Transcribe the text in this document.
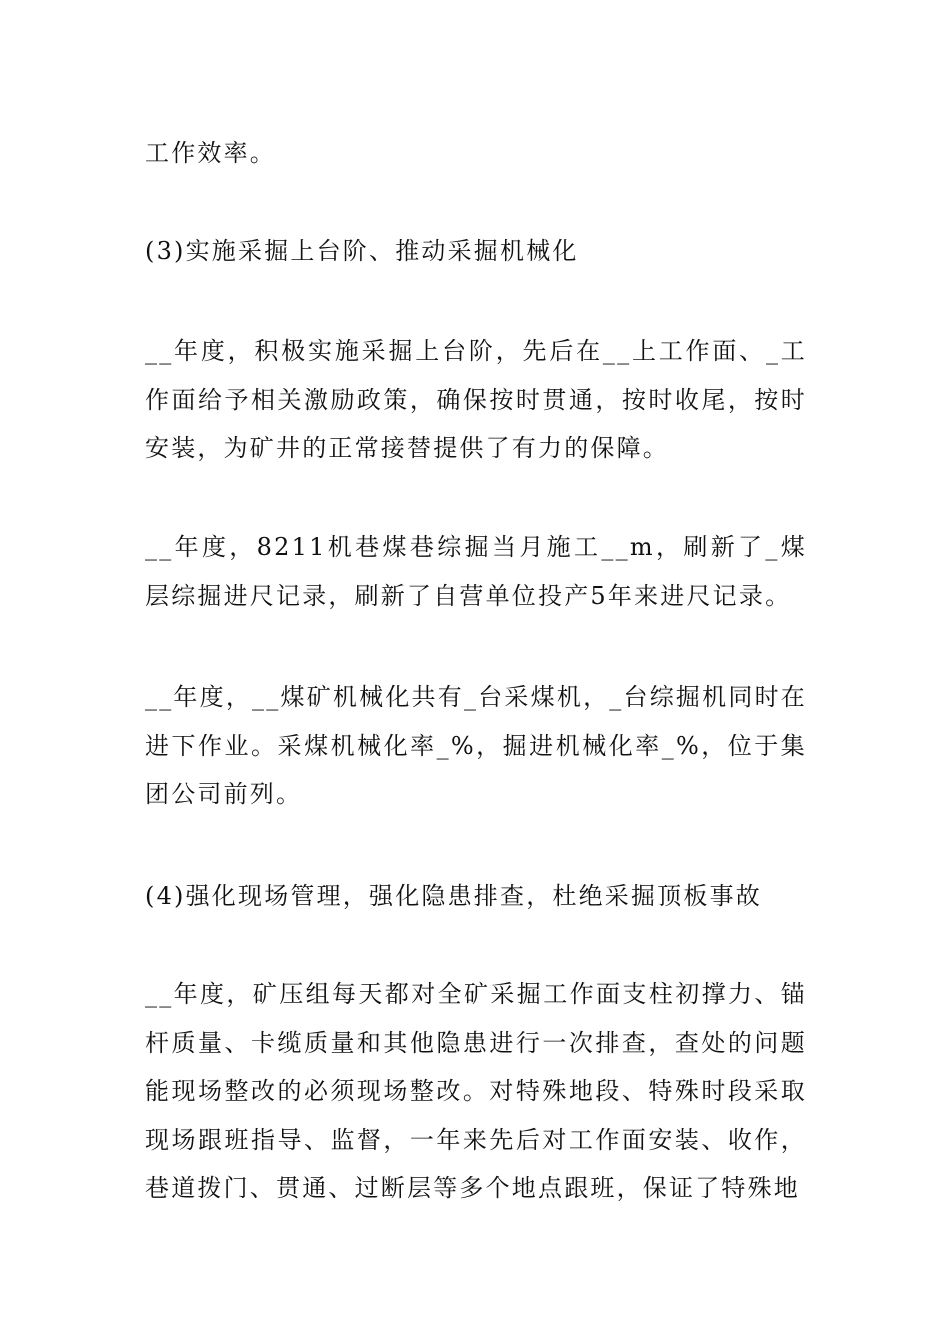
工作效率。

(3)实施采掘上台阶、推动采掘机械化

__年度，积极实施采掘上台阶，先后在__上工作面、_工作面给予相关激励政策，确保按时贯通，按时收尾，按时安装，为矿井的正常接替提供了有力的保障。

__年度，8211机巷煤巷综掘当月施工__m，刷新了_煤层综掘进尺记录，刷新了自营单位投产5年来进尺记录。

__年度，__煤矿机械化共有_台采煤机，_台综掘机同时在进下作业。采煤机械化率_%，掘进机械化率_%，位于集团公司前列。

(4)强化现场管理，强化隐患排查，杜绝采掘顶板事故

__年度，矿压组每天都对全矿采掘工作面支柱初撑力、锚杆质量、卡缆质量和其他隐患进行一次排查，查处的问题能现场整改的必须现场整改。对特殊地段、特殊时段采取现场跟班指导、监督，一年来先后对工作面安装、收作，巷道拨门、贯通、过断层等多个地点跟班，保证了特殊地
